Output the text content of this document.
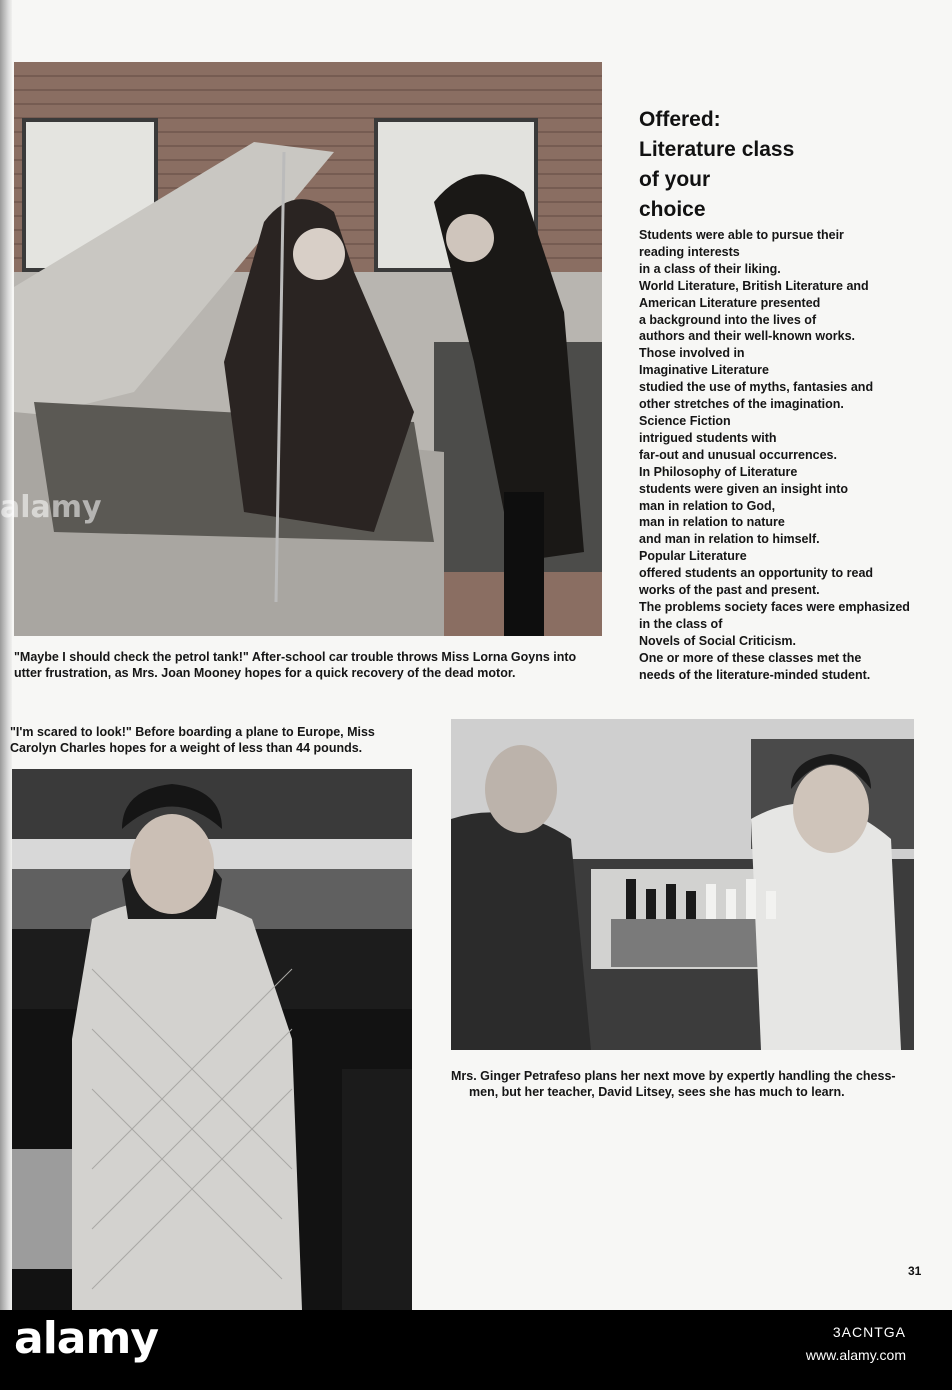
alamy
"Maybe I should check the petrol tank!" After-school car trouble throws Miss Lorna Goyns into
utter frustration, as Mrs. Joan Mooney hopes for a quick recovery of the dead motor.
Offered:
Literature class
of your
choice
Students were able to pursue their
reading interests
in a class of their liking.
World Literature, British Literature and
American Literature presented
a background into the lives of
authors and their well-known works.
Those involved in
Imaginative Literature
studied the use of myths, fantasies and
other stretches of the imagination.
Science Fiction
intrigued students with
far-out and unusual occurrences.
In Philosophy of Literature
students were given an insight into
man in relation to God,
man in relation to nature
and man in relation to himself.
Popular Literature
offered students an opportunity to read
works of the past and present.
The problems society faces were emphasized
in the class of
Novels of Social Criticism.
One or more of these classes met the
needs of the literature-minded student.
"I'm scared to look!" Before boarding a plane to Europe, Miss
Carolyn Charles hopes for a weight of less than 44 pounds.
Mrs. Ginger Petrafeso plans her next move by expertly handling the chess-
men, but her teacher, David Litsey, sees she has much to learn.
31
alamy	3ACNTGA
www.alamy.com
